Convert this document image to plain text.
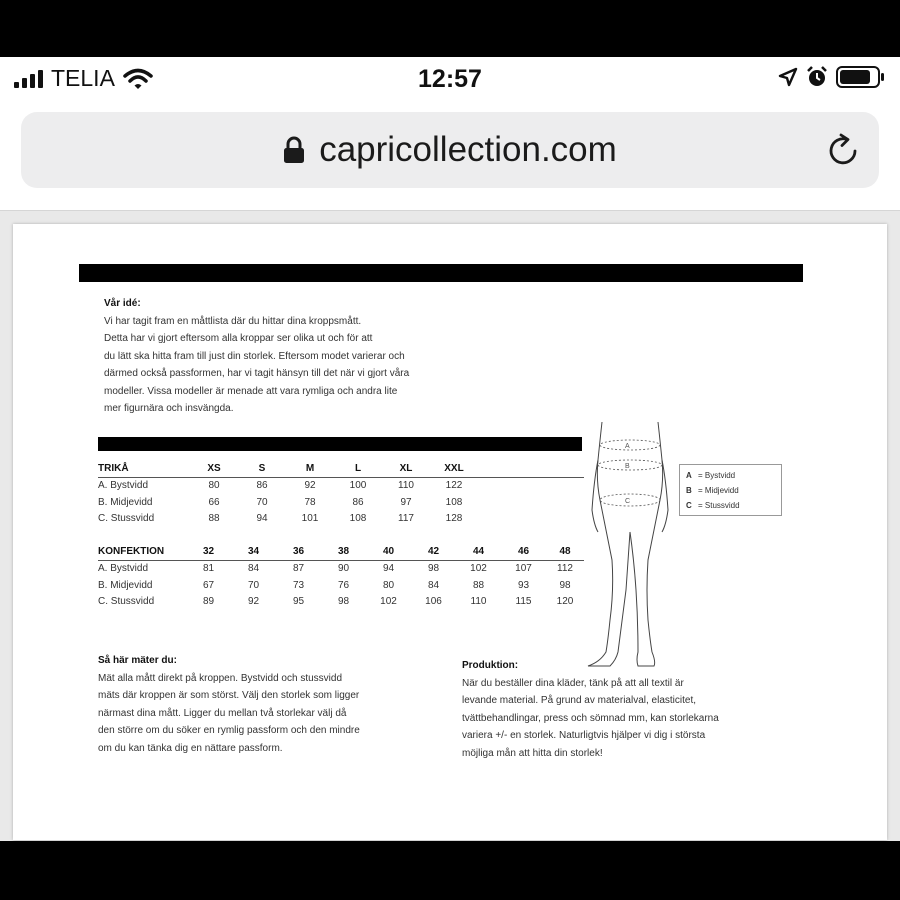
TELIA	12:57
capricollection.com
Vår idé:
Vi har tagit fram en måttlista där du hittar dina kroppsmått.
Detta har vi gjort eftersom alla kroppar ser olika ut och för att
du lätt ska hitta fram till just din storlek. Eftersom modet varierar och
därmed också passformen, har vi tagit hänsyn till det när vi gjort våra
modeller. Vissa modeller är menade att vara rymliga och andra lite
mer figurnära och insvängda.
TRIKÅ	XS	S	M	L	XL	XXL	
A. Bystvidd	80	86	92	100	110	122	
B. Midjevidd	66	70	78	86	97	108	
C. Stussvidd	88	94	101	108	117	128	
KONFEKTION	32	34	36	38	40	42	44	46	48
A. Bystvidd	81	84	87	90	94	98	102	107	112
B. Midjevidd	67	70	73	76	80	84	88	93	98
C. Stussvidd	89	92	95	98	102	106	110	115	120
A
B
C
A = Bystvidd
B = Midjevidd
C = Stussvidd
Så här mäter du:
Mät alla mått direkt på kroppen. Bystvidd och stussvidd
mäts där kroppen är som störst. Välj den storlek som ligger
närmast dina mått. Ligger du mellan två storlekar välj då
den större om du söker en rymlig passform och den mindre
om du kan tänka dig en nättare passform.
Produktion:
När du beställer dina kläder, tänk på att all textil är
levande material. På grund av materialval, elasticitet,
tvättbehandlingar, press och sömnad mm, kan storlekarna
variera +/- en storlek. Naturligtvis hjälper vi dig i största
möjliga mån att hitta din storlek!
